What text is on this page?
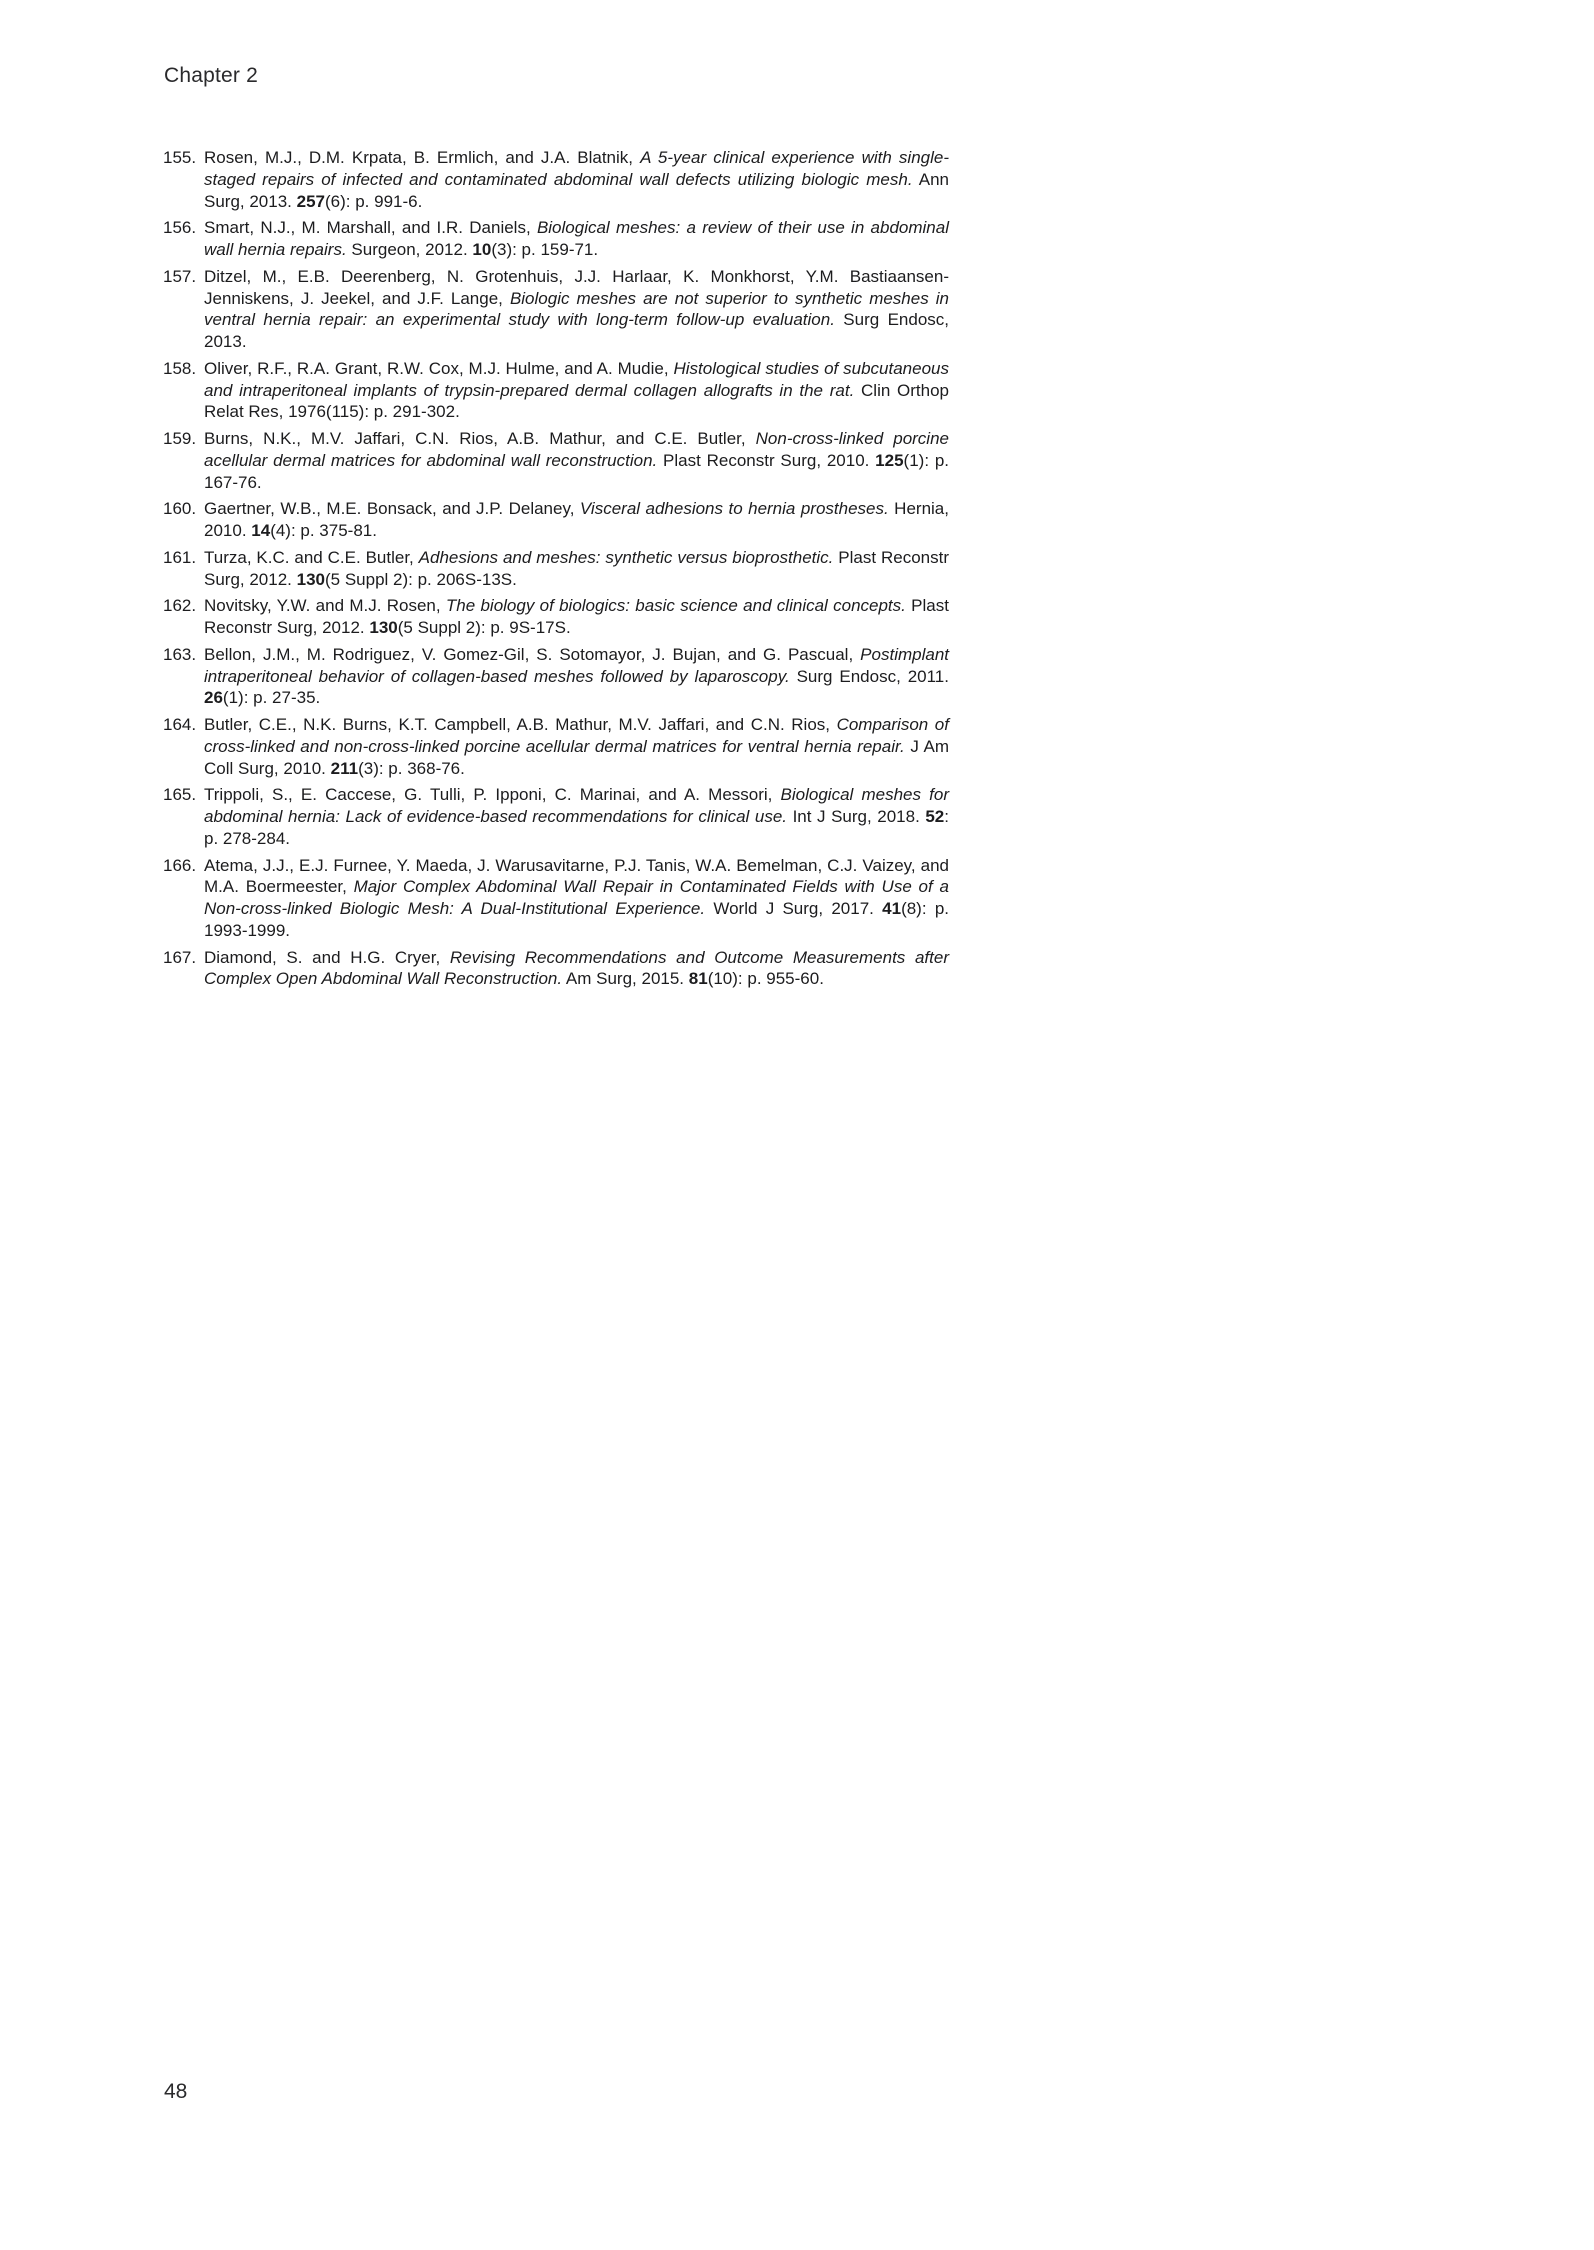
Chapter 2
155. Rosen, M.J., D.M. Krpata, B. Ermlich, and J.A. Blatnik, A 5-year clinical experience with single-staged repairs of infected and contaminated abdominal wall defects utilizing biologic mesh. Ann Surg, 2013. 257(6): p. 991-6.
156. Smart, N.J., M. Marshall, and I.R. Daniels, Biological meshes: a review of their use in abdominal wall hernia repairs. Surgeon, 2012. 10(3): p. 159-71.
157. Ditzel, M., E.B. Deerenberg, N. Grotenhuis, J.J. Harlaar, K. Monkhorst, Y.M. Bastiaansen-Jenniskens, J. Jeekel, and J.F. Lange, Biologic meshes are not superior to synthetic meshes in ventral hernia repair: an experimental study with long-term follow-up evaluation. Surg Endosc, 2013.
158. Oliver, R.F., R.A. Grant, R.W. Cox, M.J. Hulme, and A. Mudie, Histological studies of subcutaneous and intraperitoneal implants of trypsin-prepared dermal collagen allografts in the rat. Clin Orthop Relat Res, 1976(115): p. 291-302.
159. Burns, N.K., M.V. Jaffari, C.N. Rios, A.B. Mathur, and C.E. Butler, Non-cross-linked porcine acellular dermal matrices for abdominal wall reconstruction. Plast Reconstr Surg, 2010. 125(1): p. 167-76.
160. Gaertner, W.B., M.E. Bonsack, and J.P. Delaney, Visceral adhesions to hernia prostheses. Hernia, 2010. 14(4): p. 375-81.
161. Turza, K.C. and C.E. Butler, Adhesions and meshes: synthetic versus bioprosthetic. Plast Reconstr Surg, 2012. 130(5 Suppl 2): p. 206S-13S.
162. Novitsky, Y.W. and M.J. Rosen, The biology of biologics: basic science and clinical concepts. Plast Reconstr Surg, 2012. 130(5 Suppl 2): p. 9S-17S.
163. Bellon, J.M., M. Rodriguez, V. Gomez-Gil, S. Sotomayor, J. Bujan, and G. Pascual, Postimplant intraperitoneal behavior of collagen-based meshes followed by laparoscopy. Surg Endosc, 2011. 26(1): p. 27-35.
164. Butler, C.E., N.K. Burns, K.T. Campbell, A.B. Mathur, M.V. Jaffari, and C.N. Rios, Comparison of cross-linked and non-cross-linked porcine acellular dermal matrices for ventral hernia repair. J Am Coll Surg, 2010. 211(3): p. 368-76.
165. Trippoli, S., E. Caccese, G. Tulli, P. Ipponi, C. Marinai, and A. Messori, Biological meshes for abdominal hernia: Lack of evidence-based recommendations for clinical use. Int J Surg, 2018. 52: p. 278-284.
166. Atema, J.J., E.J. Furnee, Y. Maeda, J. Warusavitarne, P.J. Tanis, W.A. Bemelman, C.J. Vaizey, and M.A. Boermeester, Major Complex Abdominal Wall Repair in Contaminated Fields with Use of a Non-cross-linked Biologic Mesh: A Dual-Institutional Experience. World J Surg, 2017. 41(8): p. 1993-1999.
167. Diamond, S. and H.G. Cryer, Revising Recommendations and Outcome Measurements after Complex Open Abdominal Wall Reconstruction. Am Surg, 2015. 81(10): p. 955-60.
48
